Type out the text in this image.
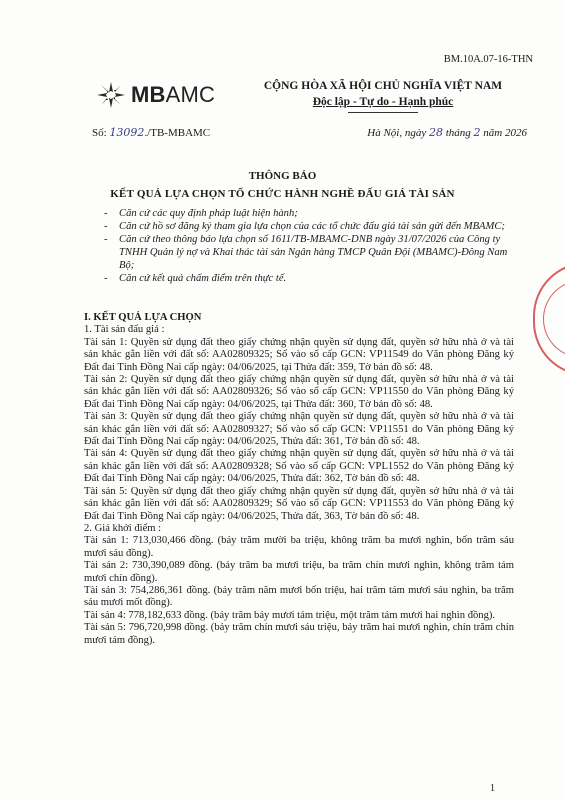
BM.10A.07-16-THN
MBAMC	CỘNG HÒA XÃ HỘI CHỦ NGHĨA VIỆT NAM
Độc lập - Tự do - Hạnh phúc
Số: 13092./TB-MBAMC	Hà Nội, ngày 28 tháng 2 năm 2026
THÔNG BÁO
KẾT QUẢ LỰA CHỌN TỔ CHỨC HÀNH NGHỀ ĐẤU GIÁ TÀI SẢN
- Căn cứ các quy định pháp luật hiện hành;
- Căn cứ hồ sơ đăng ký tham gia lựa chọn của các tổ chức đấu giá tài sản gửi đến MBAMC;
- Căn cứ theo thông báo lựa chọn số 1611/TB-MBAMC-DNB ngày 31/07/2026 của Công ty TNHH Quản lý nợ và Khai thác tài sản Ngân hàng TMCP Quân Đội (MBAMC)-Đông Nam Bộ;
- Căn cứ kết quả chấm điểm trên thực tế.
I. KẾT QUẢ LỰA CHỌN

1. Tài sản đấu giá :

Tài sản 1: Quyền sử dụng đất theo giấy chứng nhận quyền sử dụng đất, quyền sở hữu nhà ở và tài sản khác gắn liền với đất số: AA02809325; Số vào sổ cấp GCN: VP11549 do Văn phòng Đăng ký Đất đai Tỉnh Đồng Nai cấp ngày: 04/06/2025, tại Thửa đất: 359, Tờ bản đồ số: 48.

Tài sản 2: Quyền sử dụng đất theo giấy chứng nhận quyền sử dụng đất, quyền sở hữu nhà ở và tài sản khác gắn liền với đất số: AA02809326; Số vào sổ cấp GCN: VP11550 do Văn phòng Đăng ký Đất đai Tỉnh Đồng Nai cấp ngày: 04/06/2025, tại Thửa đất: 360, Tờ bản đồ số: 48.

Tài sản 3: Quyền sử dụng đất theo giấy chứng nhận quyền sử dụng đất, quyền sở hữu nhà ở và tài sản khác gắn liền với đất số: AA02809327; Số vào sổ cấp GCN: VP11551 do Văn phòng Đăng ký Đất đai Tỉnh Đồng Nai cấp ngày: 04/06/2025, Thửa đất: 361, Tờ bản đồ số: 48.

Tài sản 4: Quyền sử dụng đất theo giấy chứng nhận quyền sử dụng đất, quyền sở hữu nhà ở và tài sản khác gắn liền với đất số: AA02809328; Số vào sổ cấp GCN: VPL1552 do Văn phòng Đăng ký Đất đai Tỉnh Đồng Nai cấp ngày: 04/06/2025, Thửa đất: 362, Tờ bản đồ số: 48.

Tài sản 5: Quyền sử dụng đất theo giấy chứng nhận quyền sử dụng đất, quyền sở hữu nhà ở và tài sản khác gắn liền với đất số: AA02809329; Số vào sổ cấp GCN: VP11553 do Văn phòng Đăng ký Đất đai Tỉnh Đồng Nai cấp ngày: 04/06/2025, Thửa đất, 363, Tờ bản đồ số: 48.

2. Giá khởi điểm :

Tài sản 1: 713,030,466 đồng. (bảy trăm mười ba triệu, không trăm ba mươi nghìn, bốn trăm sáu mươi sáu đồng).

Tài sản 2: 730,390,089 đồng. (bảy trăm ba mươi triệu, ba trăm chín mươi nghìn, không trăm tám mươi chín đồng).

Tài sản 3: 754,286,361 đồng. (bảy trăm năm mươi bốn triệu, hai trăm tám mươi sáu nghìn, ba trăm sáu mươi mốt đồng).

Tài sản 4: 778,182,633 đồng. (bảy trăm bảy mươi tám triệu, một trăm tám mươi hai nghìn đồng).

Tài sản 5: 796,720,998 đồng. (bảy trăm chín mươi sáu triệu, bảy trăm hai mươi nghìn, chín trăm chín mươi tám đồng).

1
